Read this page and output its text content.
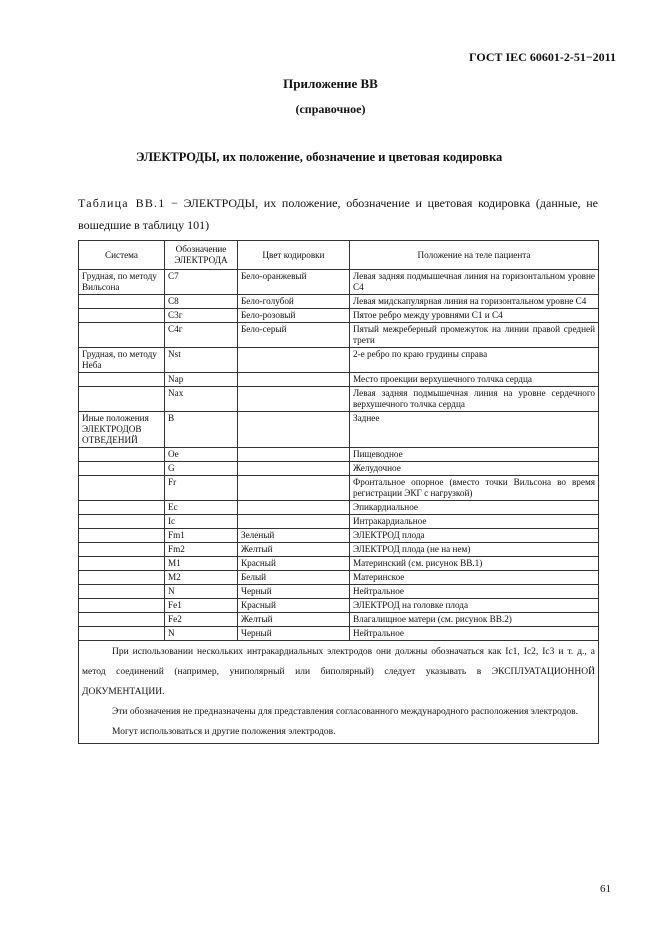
ГОСТ IEC 60601-2-51−2011
Приложение ВВ
(справочное)
ЭЛЕКТРОДЫ, их положение, обозначение и цветовая кодировка
Таблица ВВ.1 − ЭЛЕКТРОДЫ, их положение, обозначение и цветовая кодировка (данные, не вошедшие в таблицу 101)
Система	Обозначение ЭЛЕКТРОДА	Цвет кодировки	Положение на теле пациента
Грудная, по методу Вильсона	C7	Бело-оранжевый	Левая задняя подмышечная линия на горизонтальном уровне C4
	C8	Бело-голубой	Левая мидскапулярная линия на горизонтальном уровне C4
	C3г	Бело-розовый	Пятое ребро между уровнями C1 и C4
	C4г	Бело-серый	Пятый межреберный промежуток на линии правой средней трети
Грудная, по методу Неба	Nst		2-е ребро по краю грудины справа
	Nap		Место проекции верхушечного толчка сердца
	Nax		Левая задняя подмышечная линия на уровне сердечного верхушечного толчка сердца
Иные положения ЭЛЕКТРОДОВ ОТВЕДЕНИЙ	B		Заднее
	Oe		Пищеводное
	G		Желудочное
	Fr		Фронтальное опорное (вместо точки Вильсона во время регистрации ЭКГ с нагрузкой)
	Ec		Эпикардиальное
	Ic		Интракардиальное
	Fm1	Зеленый	ЭЛЕКТРОД плода
	Fm2	Желтый	ЭЛЕКТРОД плода (не на нем)
	M1	Красный	Материнский (см. рисунок ВВ.1)
	M2	Белый	Материнское
	N	Черный	Нейтральное
	Fe1	Красный	ЭЛЕКТРОД на головке плода
	Fe2	Желтый	Влагалищное матери (см. рисунок ВВ.2)
	N	Черный	Нейтральное

При использовании нескольких интракардиальных электродов они должны обозначаться как Ic1, Ic2, Ic3 и т. д., а метод соединений (например, униполярный или биполярный) следует указывать в ЭКСПЛУАТАЦИОННОЙ ДОКУМЕНТАЦИИ.

Эти обозначения не предназначены для представления согласованного международного расположения электродов.

Могут использоваться и другие положения электродов.			

61
